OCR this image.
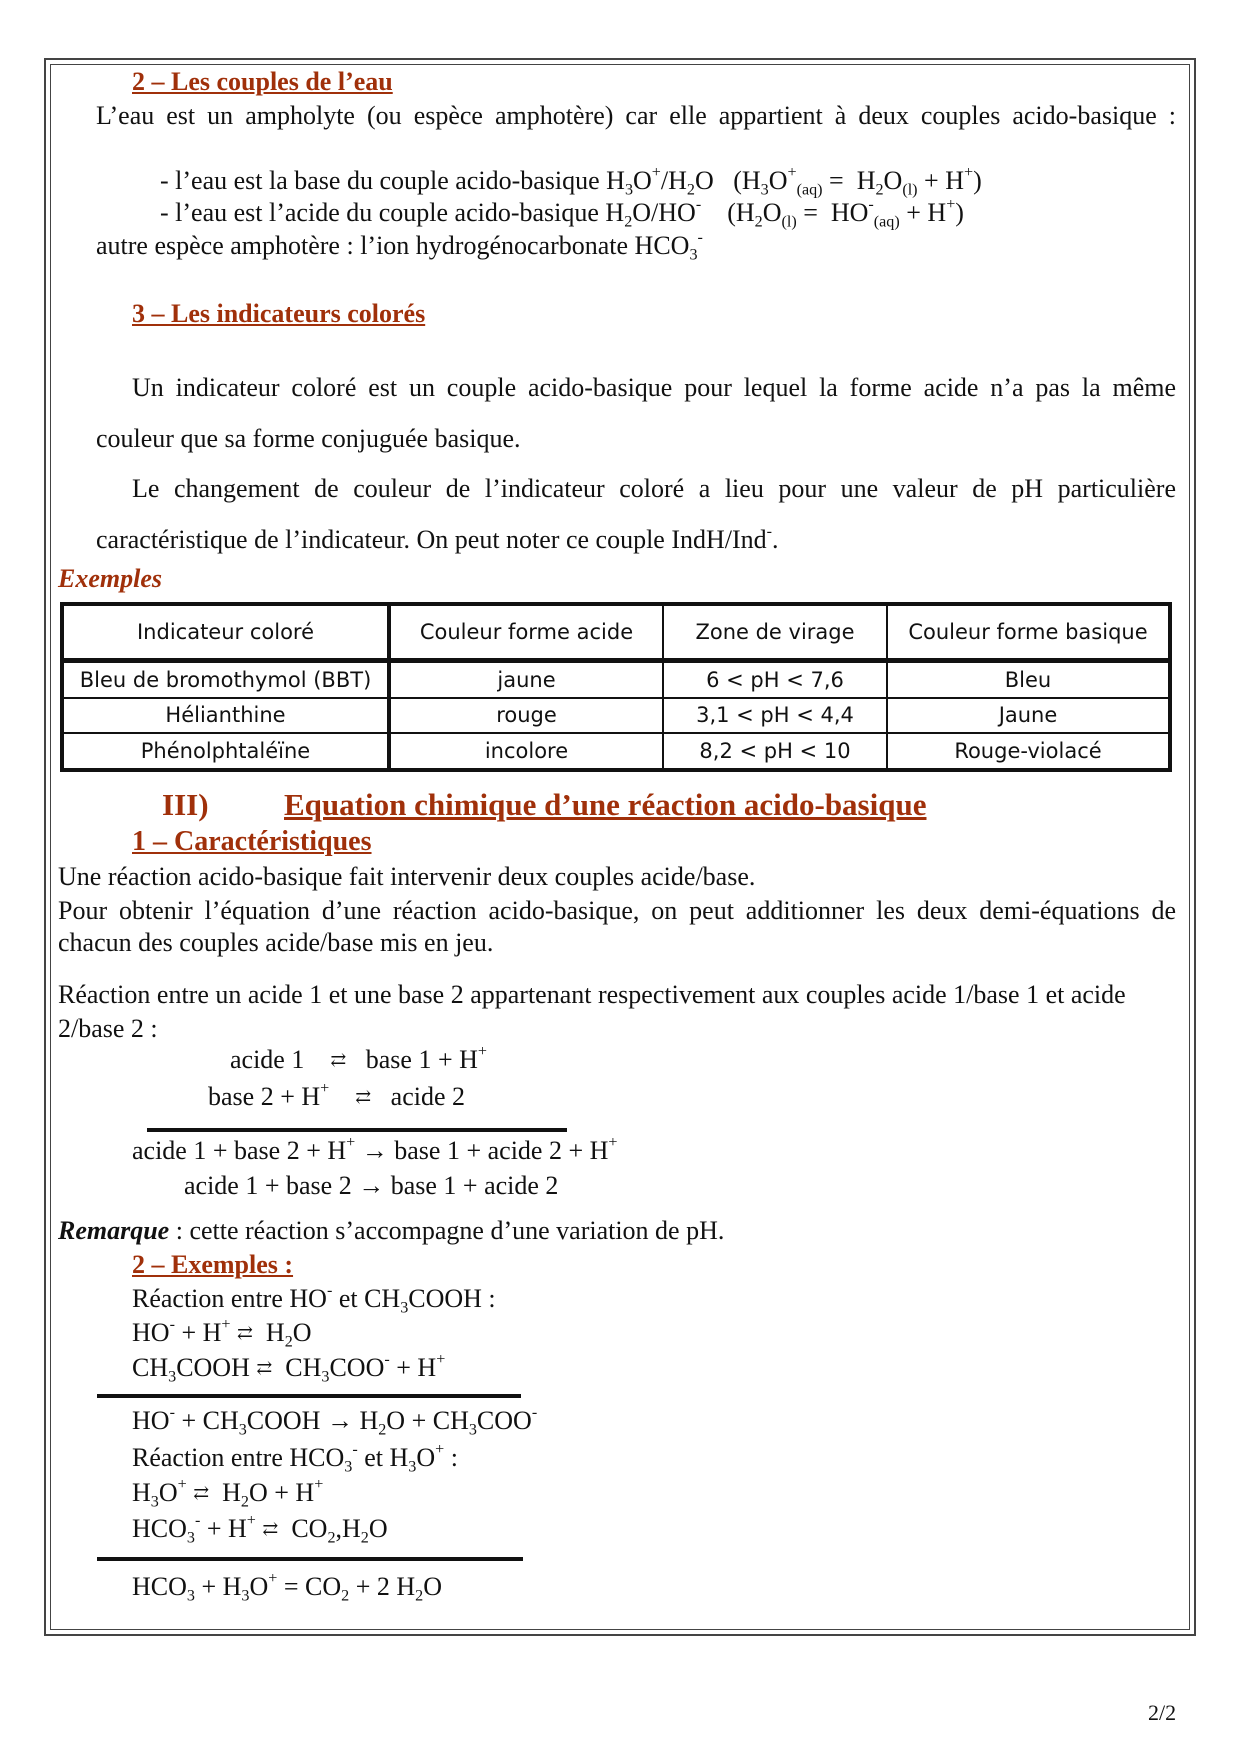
2 – Les couples de l’eau
L’eau est un ampholyte (ou espèce amphotère) car elle appartient à deux couples acido-basique :
- l’eau est la base du couple acido-basique $H_3O^+/H_2O$   $(H_3O^+_{(aq)} = H_2O_{(l)} + H^+)$
- l’eau est l’acide du couple acido-basique $H_2O/HO^-$    $(H_2O_{(l)} = HO^-_{(aq)} + H^+)$
autre espèce amphotère : l’ion hydrogénocarbonate $HCO_3^-$
3 – Les indicateurs colorés
Un indicateur coloré est un couple acido-basique pour lequel la forme acide n’a pas la même couleur que sa forme conjuguée basique.
Le changement de couleur de l’indicateur coloré a lieu pour une valeur de pH particulière caractéristique de l’indicateur. On peut noter ce couple IndH/Ind-.
Exemples
Indicateur coloré	Couleur forme acide	Zone de virage	Couleur forme basique
Bleu de bromothymol (BBT)	jaune	6 < pH < 7,6	Bleu
Hélianthine	rouge	3,1 < pH < 4,4	Jaune
Phénolphtaléïne	incolore	8,2 < pH < 10	Rouge-violacé
III) Equation chimique d’une réaction acido-basique
1 – Caractéristiques
Une réaction acido-basique fait intervenir deux couples acide/base.
Pour obtenir l’équation d’une réaction acido-basique, on peut additionner les deux demi-équations de chacun des couples acide/base mis en jeu.
Réaction entre un acide 1 et une base 2 appartenant respectivement aux couples acide 1/base 1 et acide 2/base 2 :
acide 1 ⇄ base 1 + H+
base 2 + H+ ⇄ acide 2
acide 1 + base 2 + H+ → base 1 + acide 2 + H+
acide 1 + base 2 → base 1 + acide 2
Remarque : cette réaction s’accompagne d’une variation de pH.
2 – Exemples :
Réaction entre HO- et $CH_3COOH$ :
HO- + H+ ⇄  $H_2O$
$CH_3COOH$ ⇄  $CH_3COO^- + H^+$
$HO^- + CH_3COOH \to H_2O + CH_3COO^-$
Réaction entre $HCO_3^-$ et $H_3O^+$ :
$H_3O^+$ ⇄  $H_2O + H^+$
$HCO_3^- + H^+$ ⇄  $CO_2,H_2O$
$HCO_3 + H_3O^+ = CO_2 + 2$ $H_2O$
2/2
